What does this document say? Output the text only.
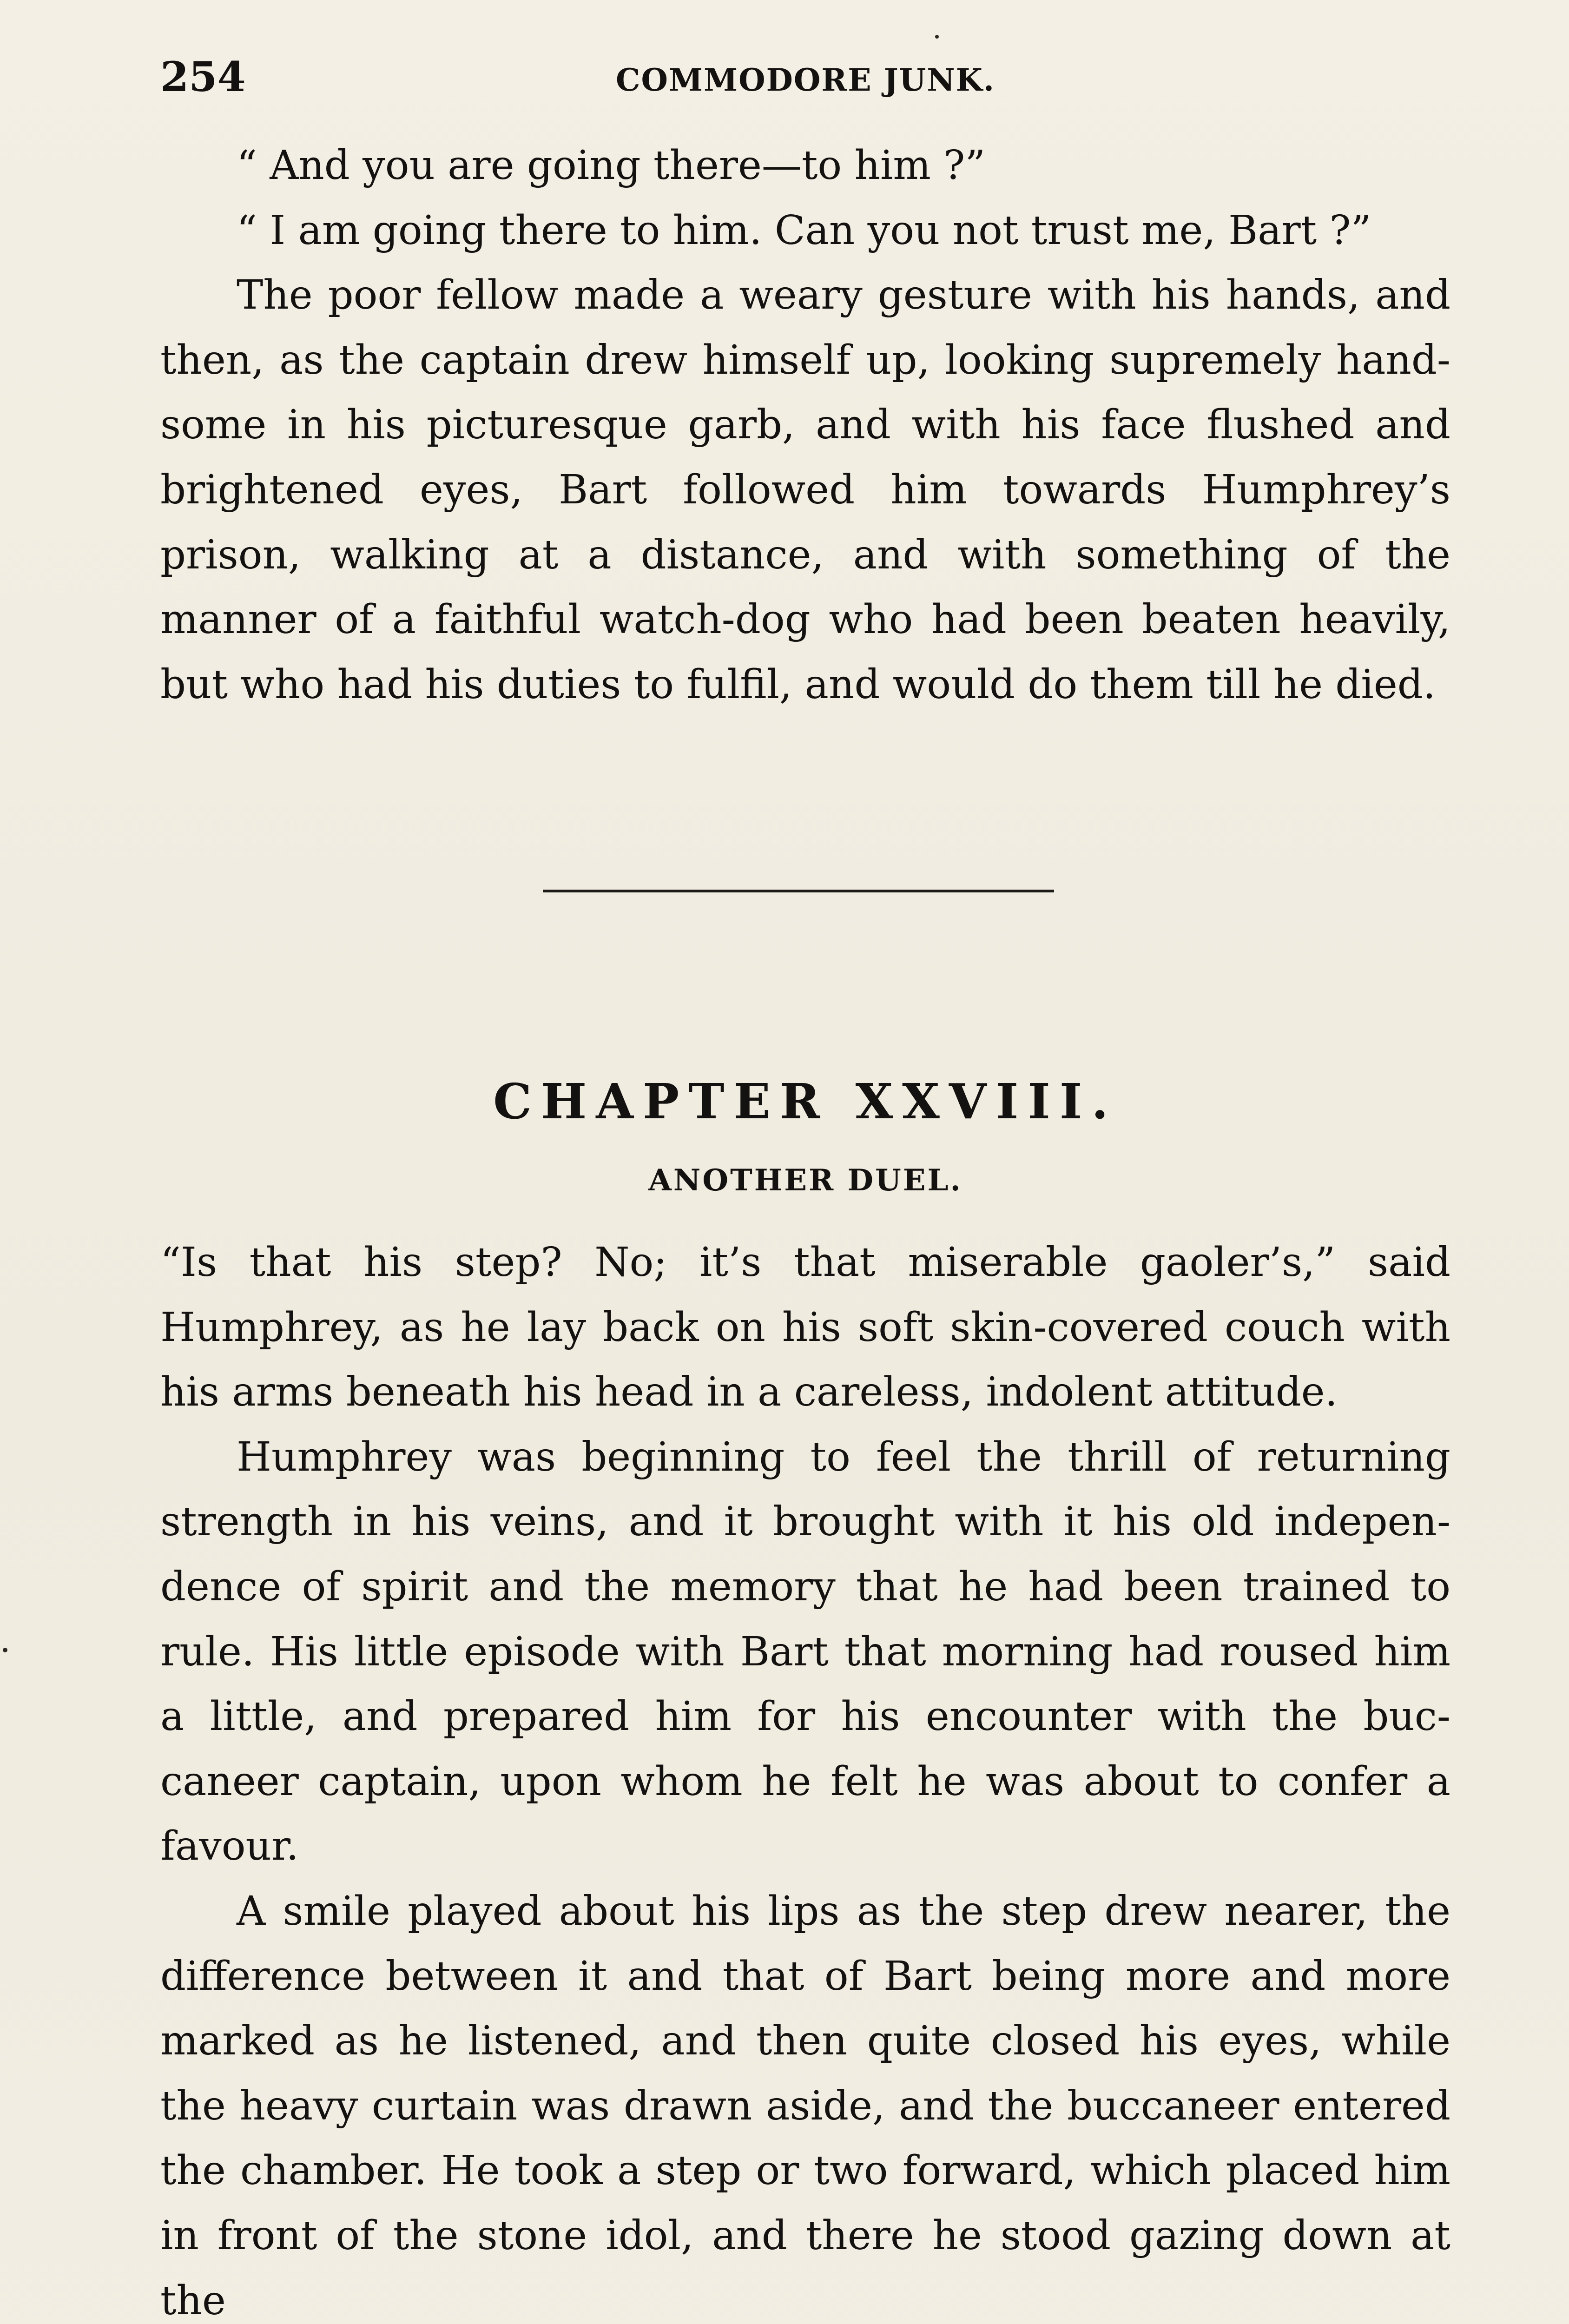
254	COMMODORE JUNK.

“ And you are going there—to him ?”

“ I am going there to him. Can you not trust me, Bart ?”

The poor fellow made a weary gesture with his hands, and then, as the captain drew himself up, looking supremely hand-some in his picturesque garb, and with his face flushed and brightened eyes, Bart followed him towards Humphrey’s prison, walking at a distance, and with something of the manner of a faithful watch-dog who had been beaten heavily, but who had his duties to fulfil, and would do them till he died.

CHAPTER XXVIII.
ANOTHER DUEL.

“Is that his step? No; it’s that miserable gaoler’s,” said Humphrey, as he lay back on his soft skin-covered couch with his arms beneath his head in a careless, indolent attitude.

Humphrey was beginning to feel the thrill of returning strength in his veins, and it brought with it his old indepen-dence of spirit and the memory that he had been trained to rule. His little episode with Bart that morning had roused him a little, and prepared him for his encounter with the buc-caneer captain, upon whom he felt he was about to confer a favour.

A smile played about his lips as the step drew nearer, the difference between it and that of Bart being more and more marked as he listened, and then quite closed his eyes, while the heavy curtain was drawn aside, and the buccaneer entered the chamber. He took a step or two forward, which placed him in front of the stone idol, and there he stood gazing down at the
